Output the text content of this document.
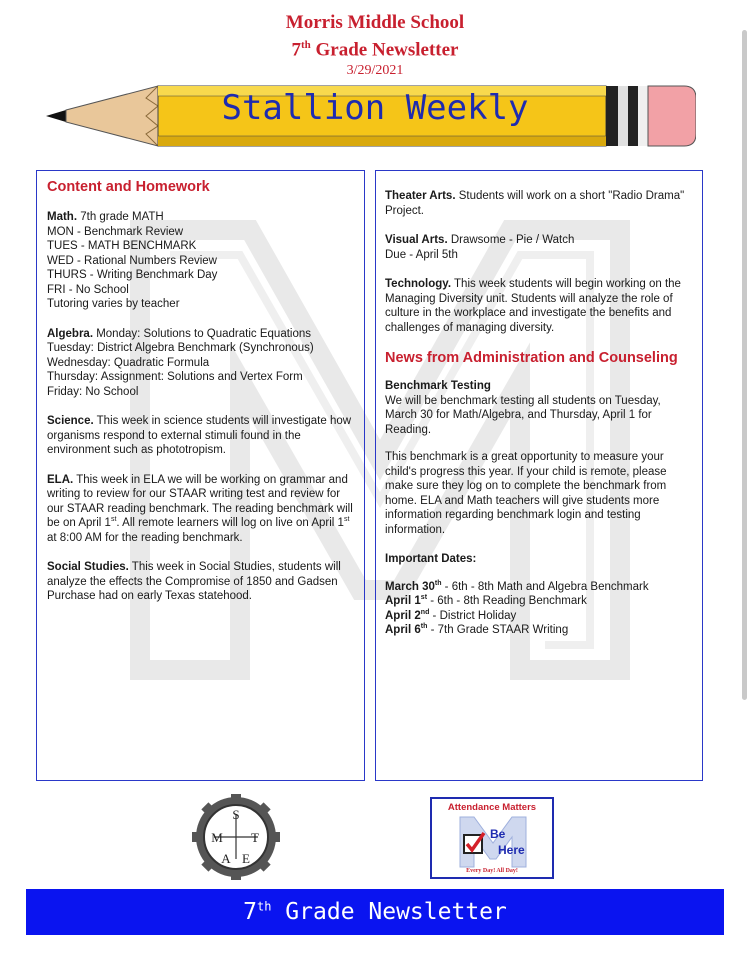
Morris Middle School
7th Grade Newsletter
3/29/2021
Stallion Weekly
Content and Homework
Math. 7th grade MATH
MON - Benchmark Review
TUES - MATH BENCHMARK
WED - Rational Numbers Review
THURS - Writing Benchmark Day
FRI - No School
Tutoring varies by teacher
Algebra. Monday: Solutions to Quadratic Equations
Tuesday: District Algebra Benchmark (Synchronous)
Wednesday: Quadratic Formula
Thursday: Assignment: Solutions and Vertex Form
Friday: No School
Science. This week in science students will investigate how organisms respond to external stimuli found in the environment such as phototropism.
ELA. This week in ELA we will be working on grammar and writing to review for our STAAR writing test and review for our STAAR reading benchmark. The reading benchmark will be on April 1st. All remote learners will log on live on April 1st at 8:00 AM for the reading benchmark.
Social Studies. This week in Social Studies, students will analyze the effects the Compromise of 1850 and Gadsen Purchase had on early Texas statehood.
Theater Arts. Students will work on a short "Radio Drama" Project.
Visual Arts. Drawsome - Pie / Watch
Due - April 5th
Technology. This week students will begin working on the Managing Diversity unit. Students will analyze the role of culture in the workplace and investigate the benefits and challenges of managing diversity.
News from Administration and Counseling
Benchmark Testing
We will be benchmark testing all students on Tuesday, March 30 for Math/Algebra, and Thursday, April 1 for Reading.
This benchmark is a great opportunity to measure your child's progress this year. If your child is remote, please make sure they log on to complete the benchmark from home. ELA and Math teachers will give students more information regarding benchmark login and testing information.
Important Dates:
March 30th - 6th - 8th Math and Algebra Benchmark
April 1st - 6th - 8th Reading Benchmark
April 2nd - District Holiday
April 6th - 7th Grade STAAR Writing
S
M T
A E
Attendance Matters
Be
Here
Every Day! All Day!
7th Grade Newsletter
